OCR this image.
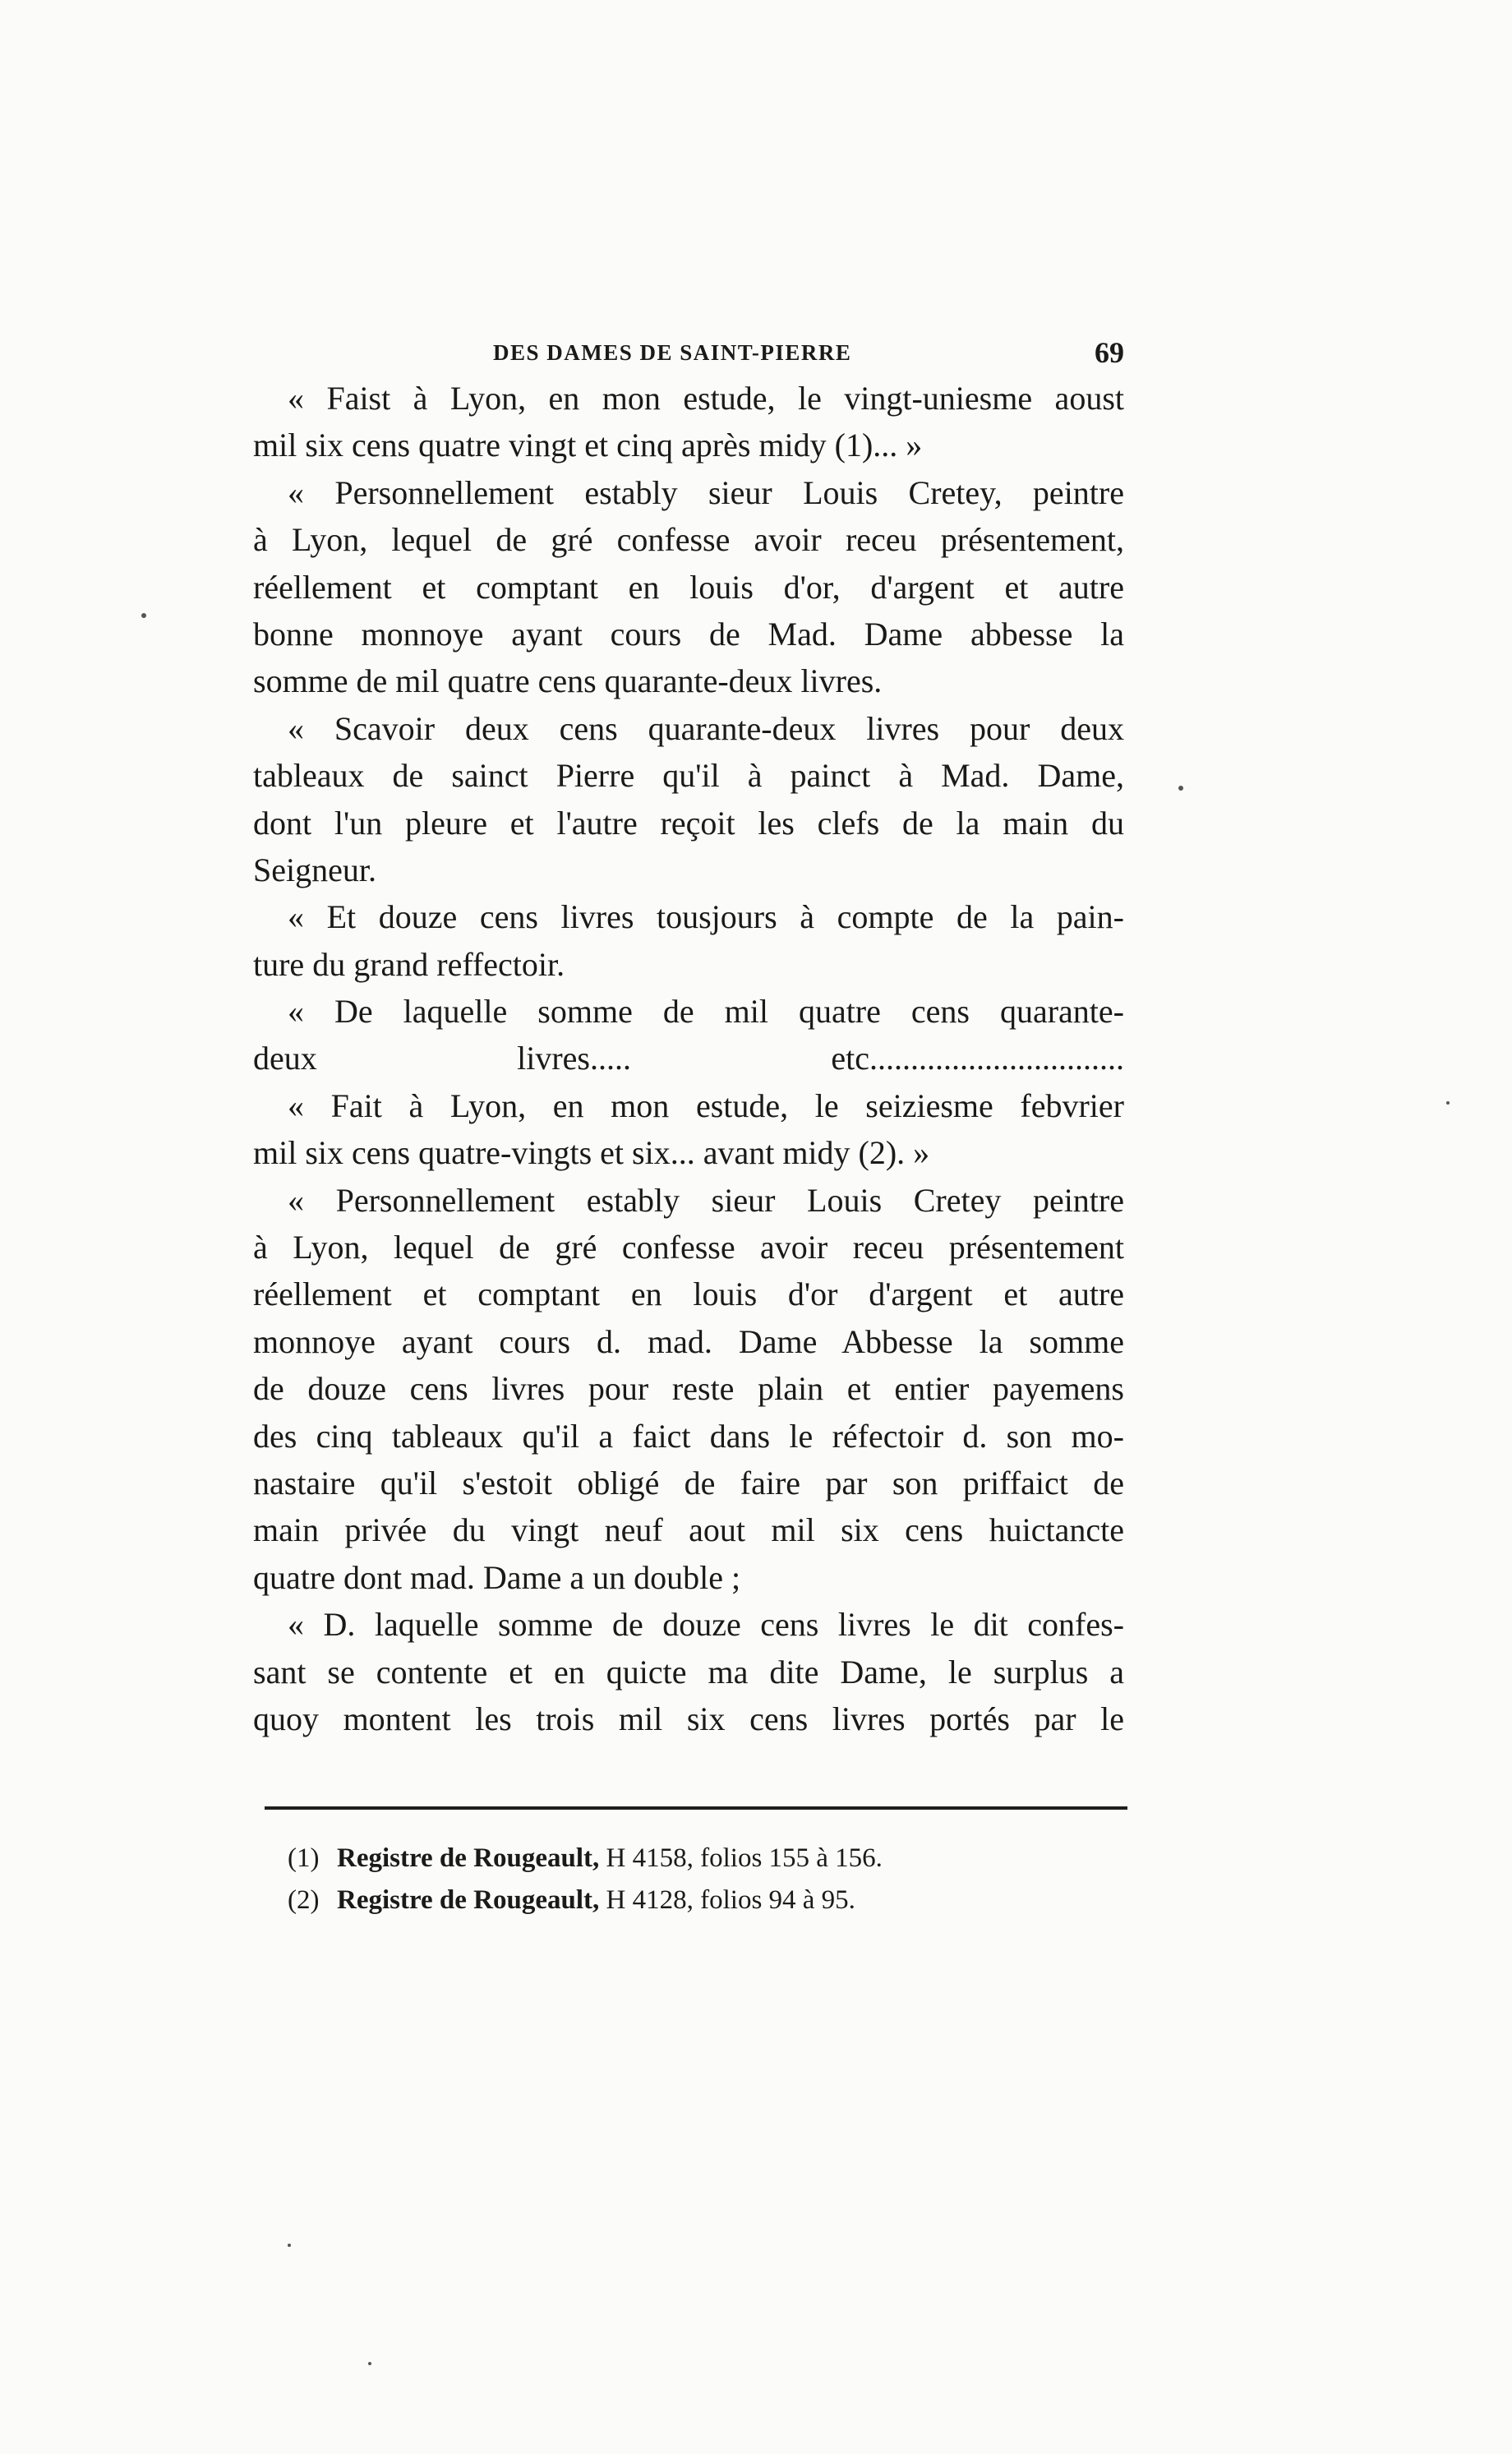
DES DAMES DE SAINT-PIERRE	69
« Faist à Lyon, en mon estude, le vingt-uniesme aoust
mil six cens quatre vingt et cinq après midy (1)... »
« Personnellement estably sieur Louis Cretey, peintre
à Lyon, lequel de gré confesse avoir receu présentement,
réellement et comptant en louis d'or, d'argent et autre
bonne monnoye ayant cours de Mad. Dame abbesse la
somme de mil quatre cens quarante-deux livres.
« Scavoir deux cens quarante-deux livres pour deux
tableaux de sainct Pierre qu'il à painct à Mad. Dame,
dont l'un pleure et l'autre reçoit les clefs de la main du
Seigneur.
« Et douze cens livres tousjours à compte de la pain-
ture du grand reffectoir.
« De laquelle somme de mil quatre cens quarante-
deux livres..... etc...............................
« Fait à Lyon, en mon estude, le seiziesme febvrier
mil six cens quatre-vingts et six... avant midy (2). »
« Personnellement estably sieur Louis Cretey peintre
à Lyon, lequel de gré confesse avoir receu présentement
réellement et comptant en louis d'or d'argent et autre
monnoye ayant cours d. mad. Dame Abbesse la somme
de douze cens livres pour reste plain et entier payemens
des cinq tableaux qu'il a faict dans le réfectoir d. son mo-
nastaire qu'il s'estoit obligé de faire par son priffaict de
main privée du vingt neuf aout mil six cens huictancte
quatre dont mad. Dame a un double ;
« D. laquelle somme de douze cens livres le dit confes-
sant se contente et en quicte ma dite Dame, le surplus a
quoy montent les trois mil six cens livres portés par le
(1) Registre de Rougeault, H 4158, folios 155 à 156.
(2) Registre de Rougeault, H 4128, folios 94 à 95.
